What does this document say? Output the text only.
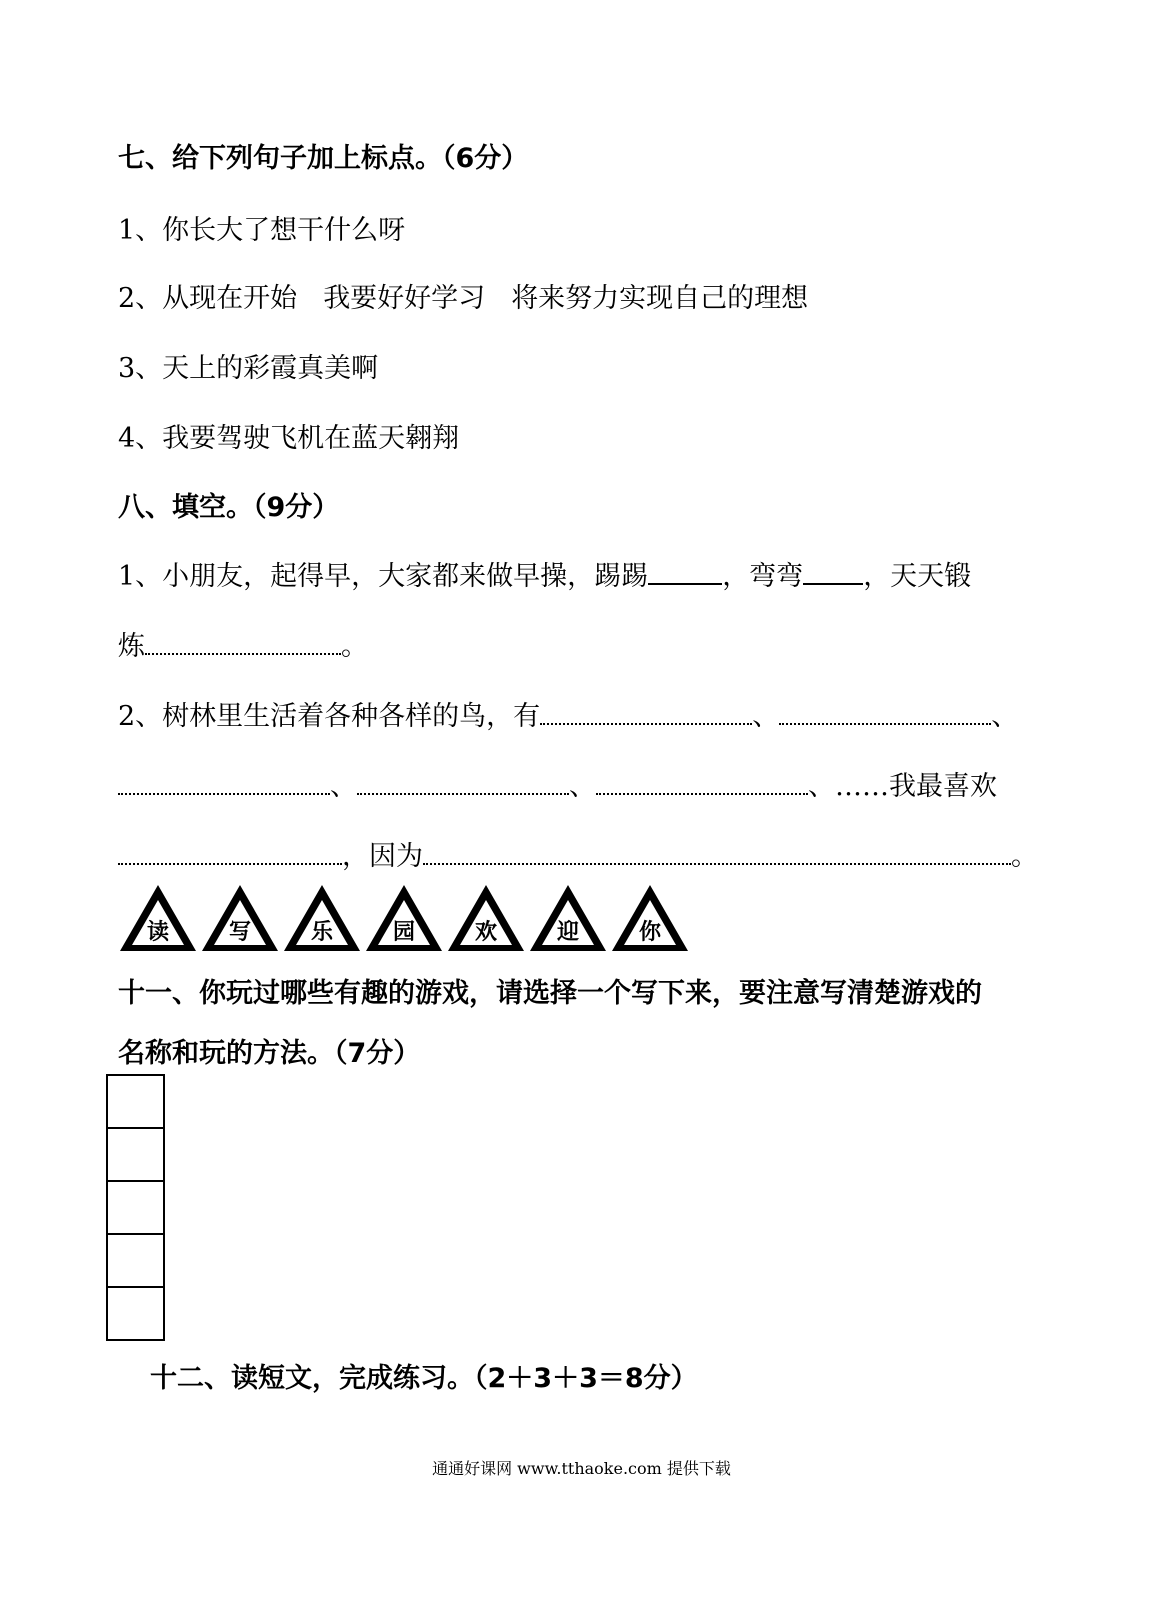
七、给下列句子加上标点。（6分）
1、你长大了想干什么呀
2、从现在开始 我要好好学习 将来努力实现自己的理想
3、天上的彩霞真美啊
4、我要驾驶飞机在蓝天翱翔
八、填空。（9分）
1、小朋友，起得早，大家都来做早操，踢踢	，弯弯 ，天天锻
炼	。
2、树林里生活着各种各样的鸟，有	、	、
、	、	、……我最喜欢
，因为	。
读	写	乐	园	欢	迎	你
十一、你玩过哪些有趣的游戏，请选择一个写下来，要注意写清楚游戏的
名称和玩的方法。（7分）
十二、读短文，完成练习。（2＋3＋3＝8分）
通通好课网 www.tthaoke.com 提供下载
